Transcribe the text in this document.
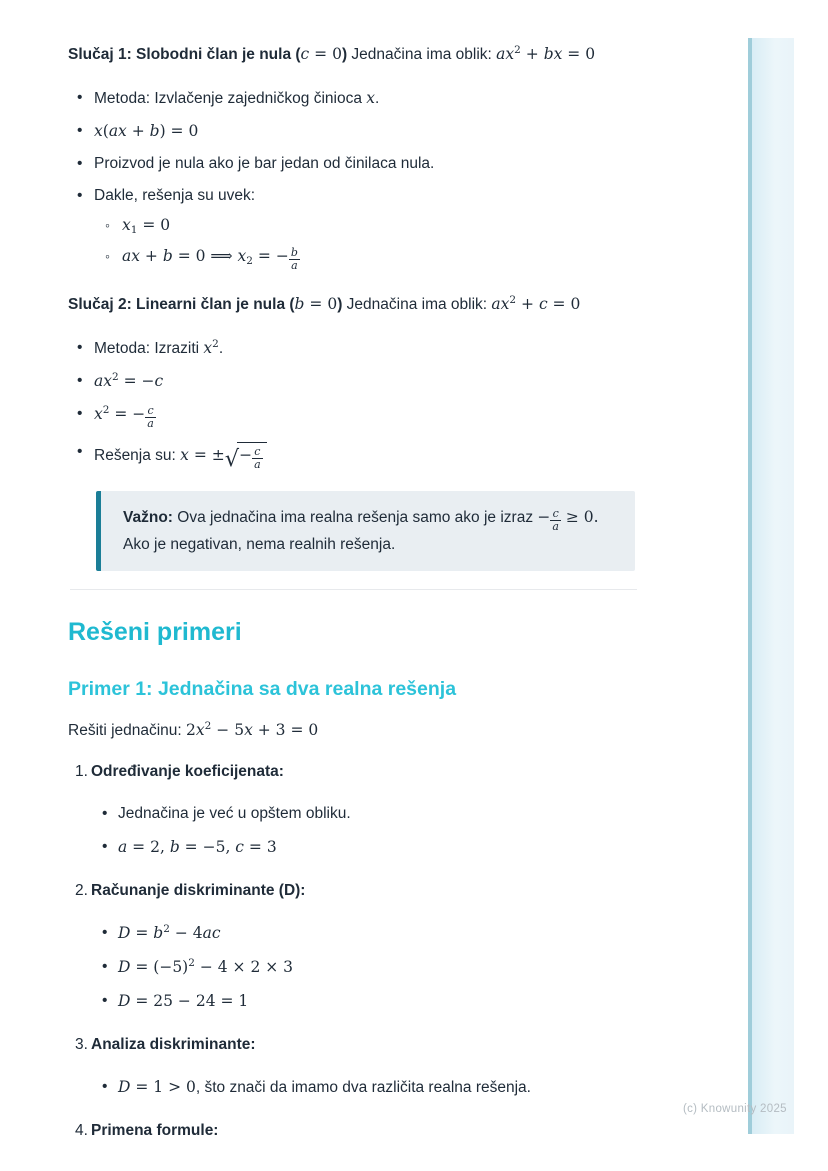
Slučaj 1: Slobodni član je nula (c = 0) Jednačina ima oblik: $ax^2$ + bx = 0

• Metoda: Izvlačenje zajedničkog činioca x.
• x(ax + b) = 0
• Proizvod je nula ako je bar jedan od činilaca nula.
• Dakle, rešenja su uvek:
◦ x1 = 0
◦ ax + b = 0 ⟹ x2 = − $\frac{b}{a}$

Slučaj 2: Linearni član je nula (b = 0) Jednačina ima oblik: $ax^2 + c = 0$

• Metoda: Izraziti $x^2$.
• $ax^2 = -c$
• $x^2$ = − $\frac{c}{a}$
• Rešenja su: x = ±√− $\frac{c}{a}$
Važno: Ova jednačina ima realna rešenja samo ako je izraz − $\frac{c}{a} \ge 0$. Ako je negativan, nema realnih rešenja.
Rešeni primeri
Primer 1: Jednačina sa dva realna rešenja

Rešiti jednačinu: $2x^2 - 5x + 3 = 0$

1. Određivanje koeficijenata:
• Jednačina je već u opštem obliku.
• a = 2, b = −5, c = 3
2. Računanje diskriminante (D):
• $D = b^2 - 4ac$
• $D = (-5)^2 - 4 \times 2 \times 3$
• D = 25 − 24 = 1
3. Analiza diskriminante:
• D = 1 > 0, što znači da imamo dva različita realna rešenja.
4. Primena formule:
(c) Knowunity 2025
